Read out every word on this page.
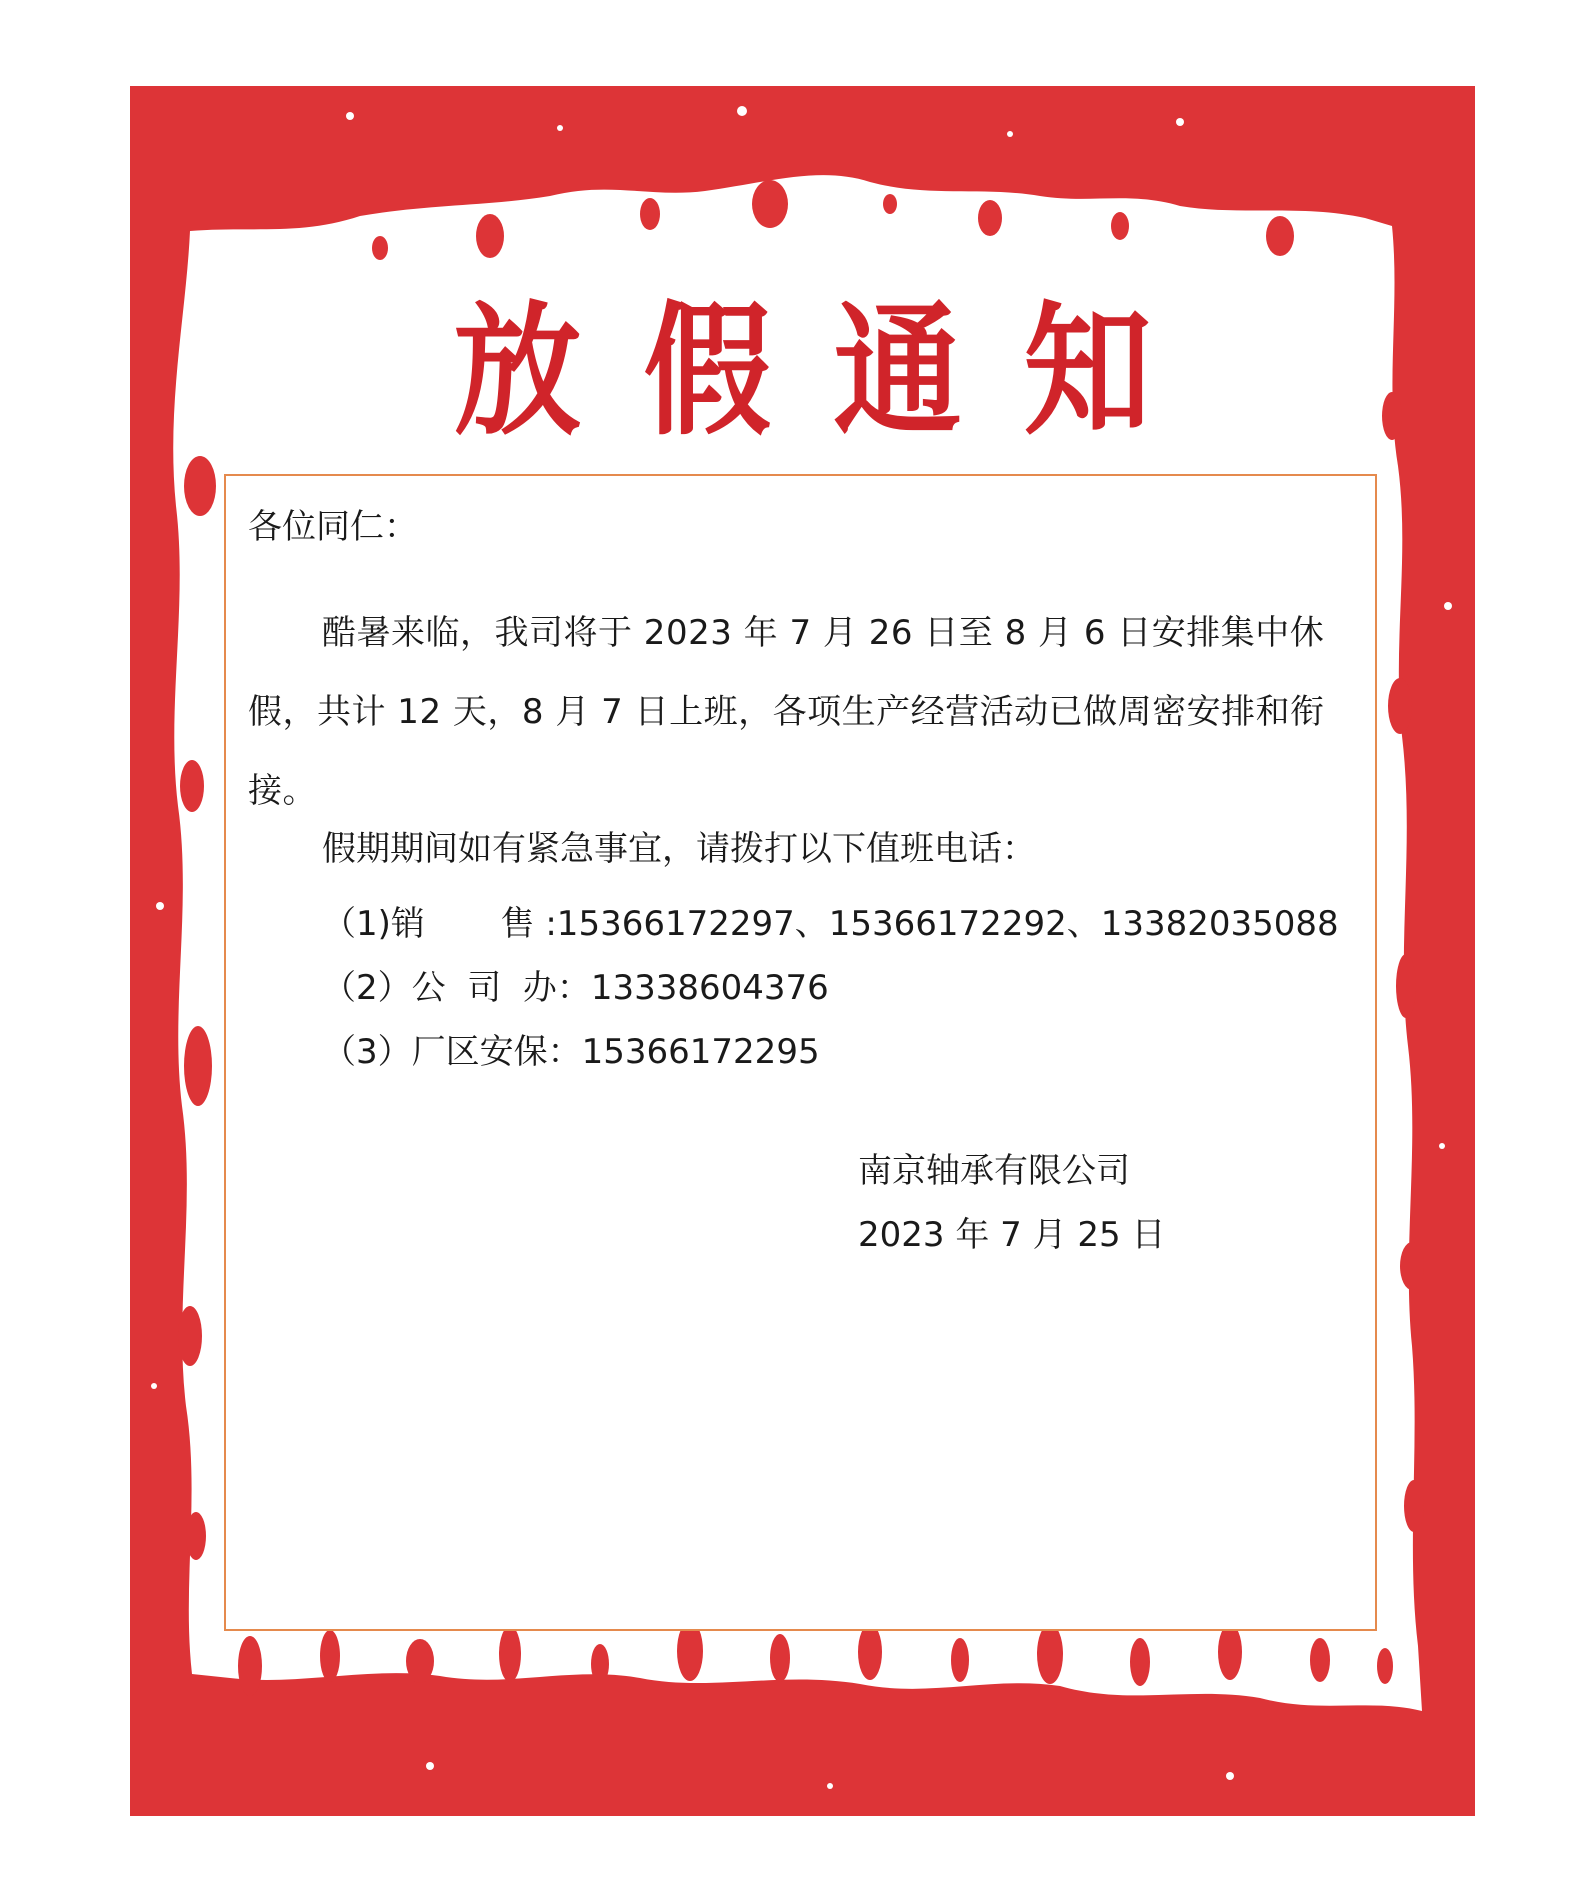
放假通知
各位同仁：
酷暑来临，我司将于 2023 年 7 月 26 日至 8 月 6 日安排集中休假，共计 12 天，8 月 7 日上班，各项生产经营活动已做周密安排和衔接。
假期期间如有紧急事宜，请拨打以下值班电话：
（1)销       售 :15366172297、15366172292、13382035088
（2）公  司  办：13338604376
（3）厂区安保：15366172295
南京轴承有限公司
2023 年 7 月 25 日
